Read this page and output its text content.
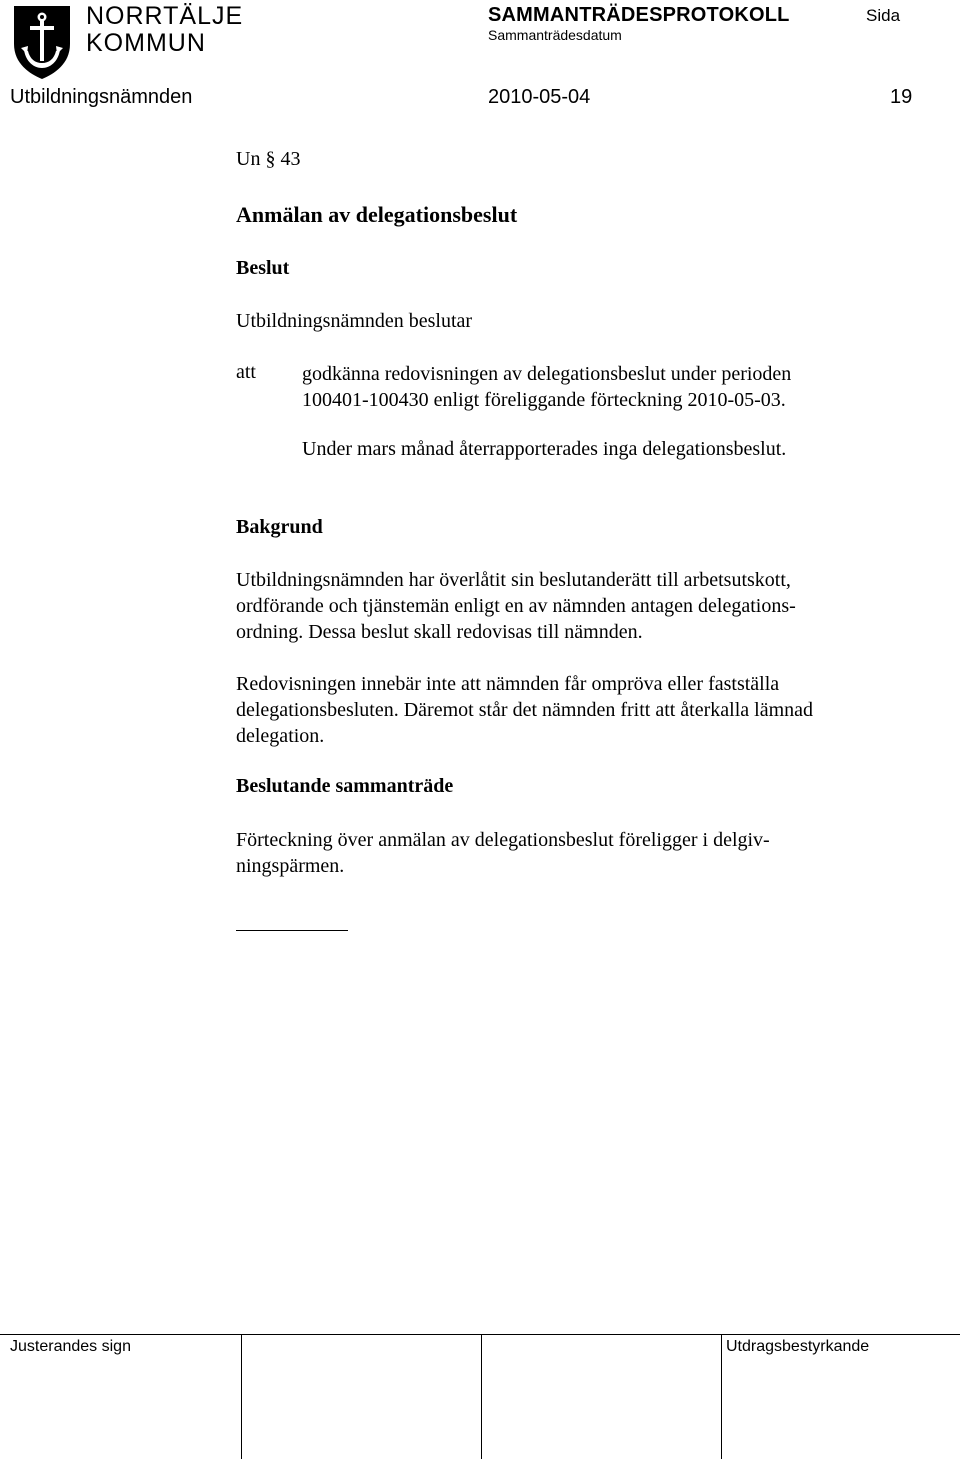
NORRTÄLJE
KOMMUN
SAMMANTRÄDESPROTOKOLL	Sida
Sammanträdesdatum
Utbildningsnämnden	2010-05-04	19
Un § 43
Anmälan av delegationsbeslut
Beslut
Utbildningsnämnden beslutar
att godkänna redovisningen av delegationsbeslut under perioden
100401-100430 enligt föreliggande förteckning 2010-05-03.
Under mars månad återrapporterades inga delegationsbeslut.
Bakgrund
Utbildningsnämnden har överlåtit sin beslutanderätt till arbetsutskott,
ordförande och tjänstemän enligt en av nämnden antagen delegations-
ordning. Dessa beslut skall redovisas till nämnden.
Redovisningen innebär inte att nämnden får ompröva eller fastställa
delegationsbesluten. Däremot står det nämnden fritt att återkalla lämnad
delegation.
Beslutande sammanträde
Förteckning över anmälan av delegationsbeslut föreligger i delgiv-
ningspärmen.
Justerandes sign	Utdragsbestyrkande
